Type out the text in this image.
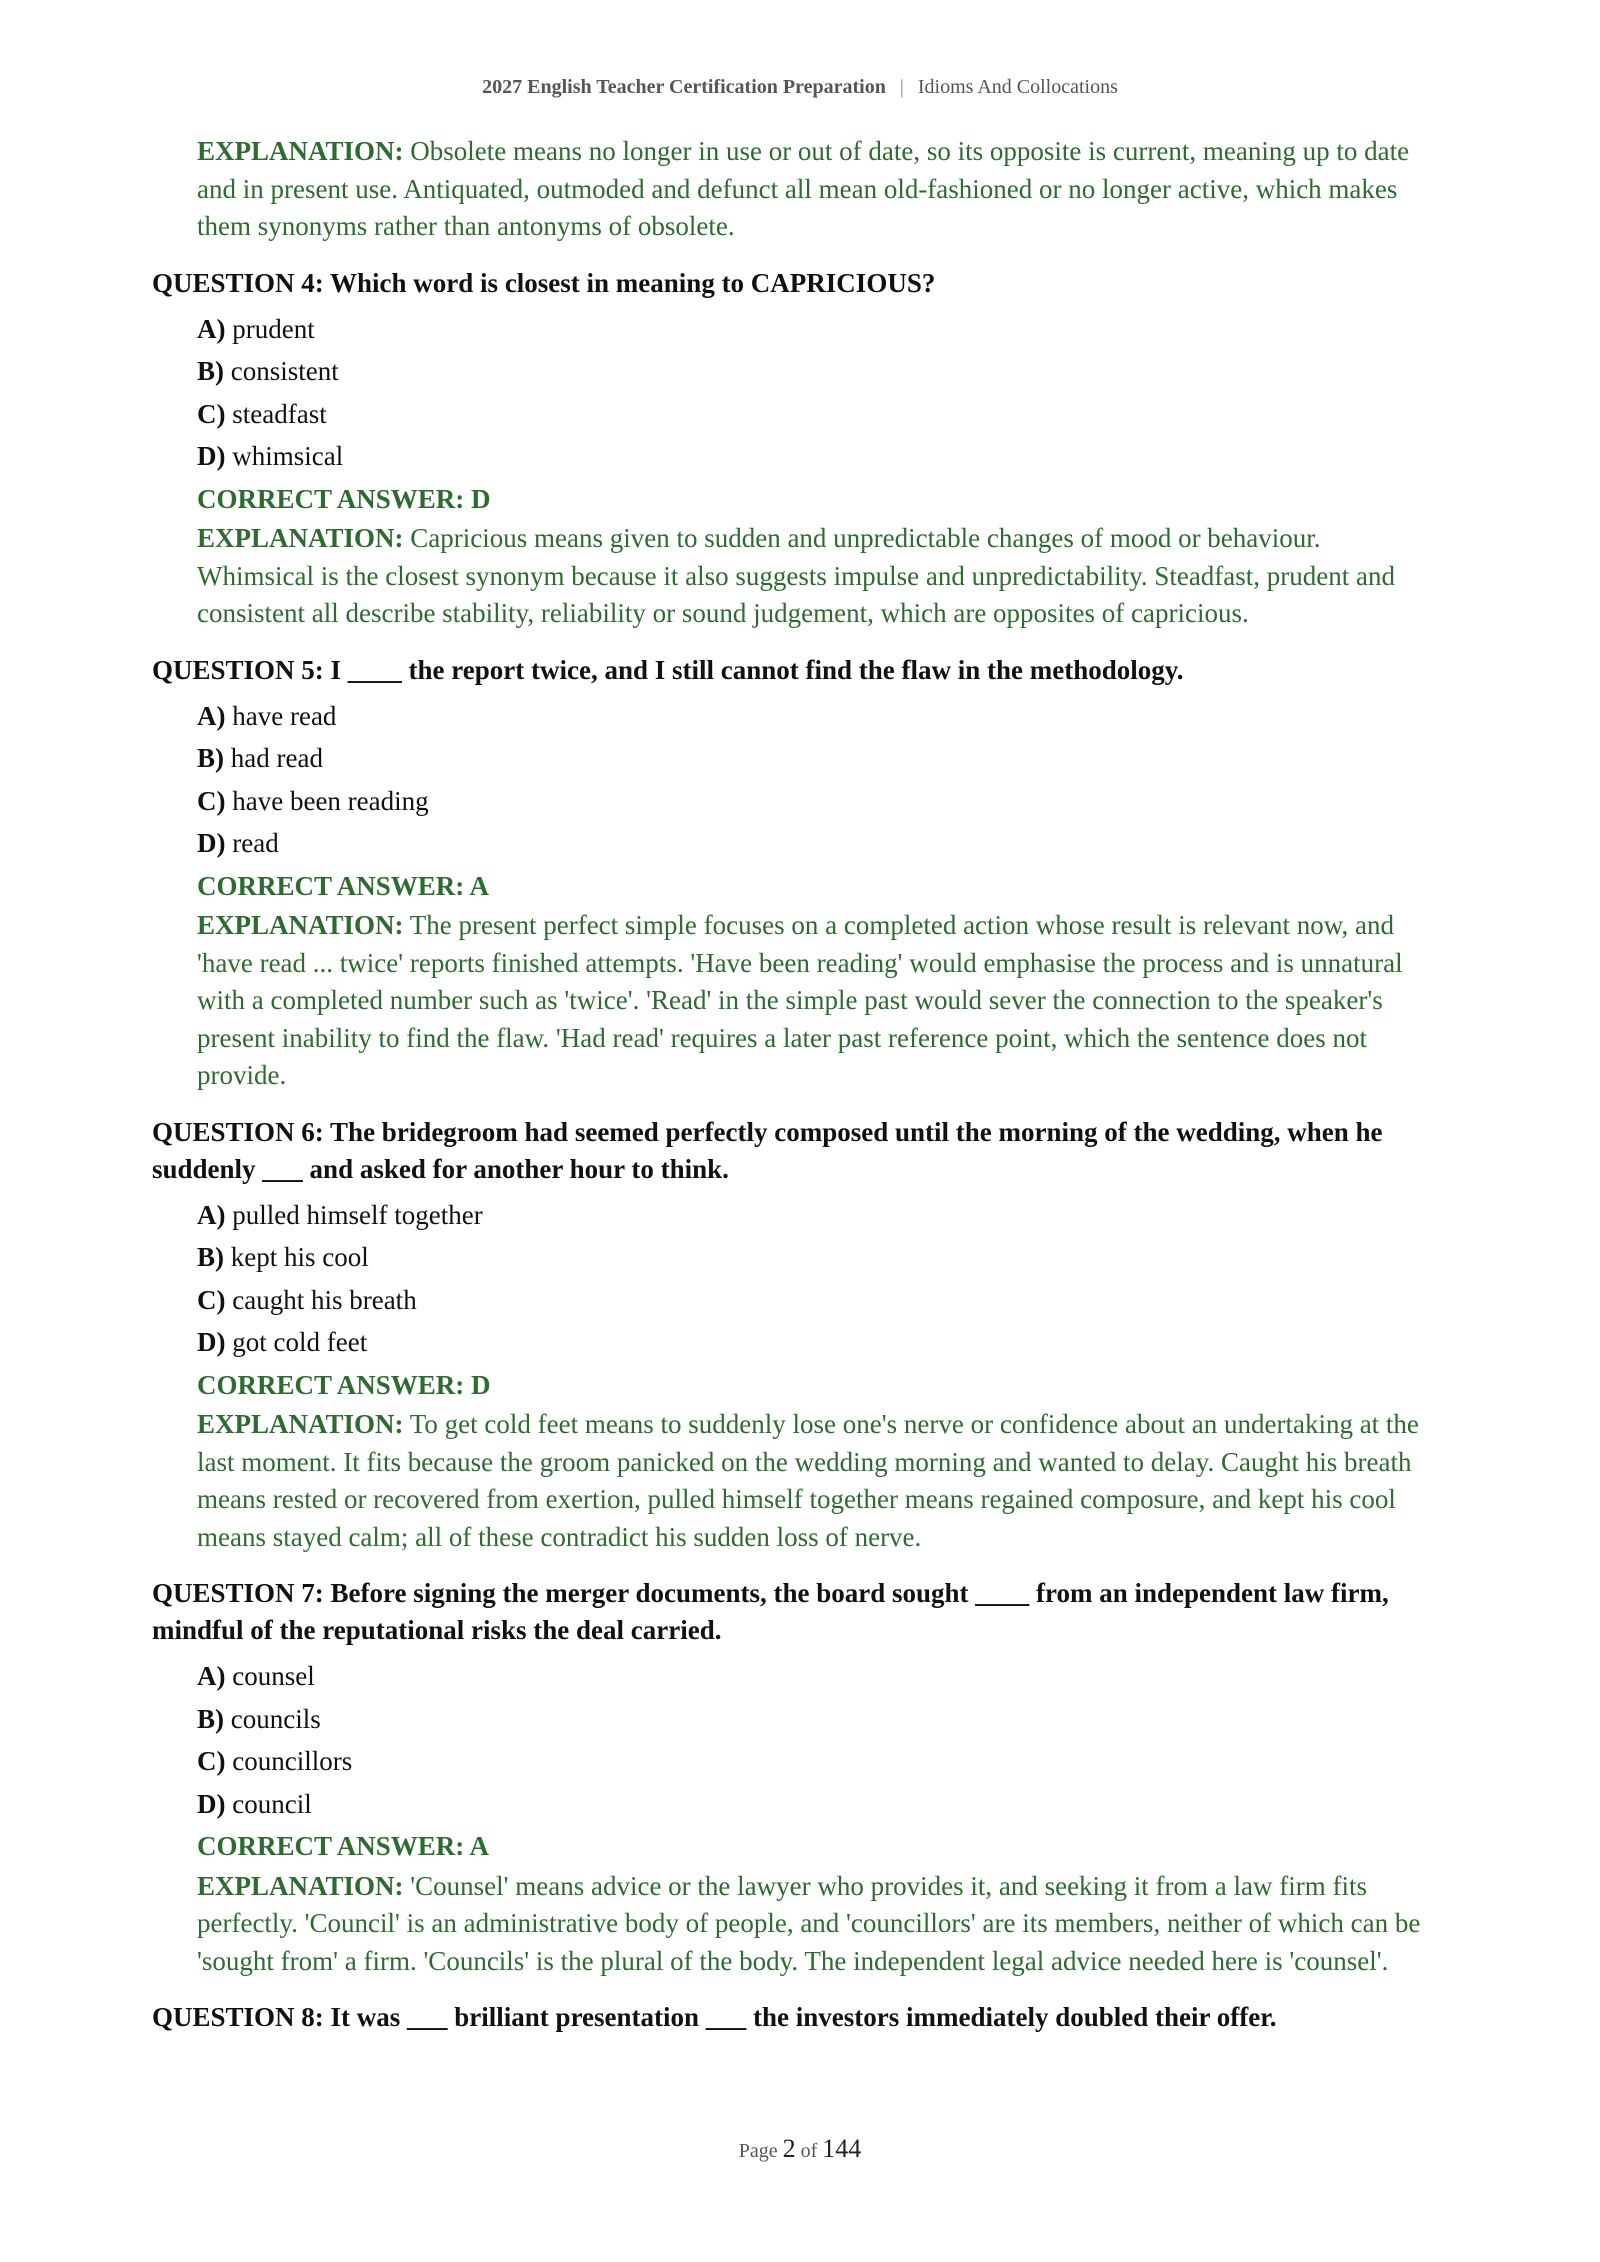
2027 English Teacher Certification Preparation | Idioms And Collocations
EXPLANATION: Obsolete means no longer in use or out of date, so its opposite is current, meaning up to date and in present use. Antiquated, outmoded and defunct all mean old-fashioned or no longer active, which makes them synonyms rather than antonyms of obsolete.
QUESTION 4: Which word is closest in meaning to CAPRICIOUS?
A) prudent
B) consistent
C) steadfast
D) whimsical
CORRECT ANSWER: D
EXPLANATION: Capricious means given to sudden and unpredictable changes of mood or behaviour. Whimsical is the closest synonym because it also suggests impulse and unpredictability. Steadfast, prudent and consistent all describe stability, reliability or sound judgement, which are opposites of capricious.
QUESTION 5: I ____ the report twice, and I still cannot find the flaw in the methodology.
A) have read
B) had read
C) have been reading
D) read
CORRECT ANSWER: A
EXPLANATION: The present perfect simple focuses on a completed action whose result is relevant now, and 'have read ... twice' reports finished attempts. 'Have been reading' would emphasise the process and is unnatural with a completed number such as 'twice'. 'Read' in the simple past would sever the connection to the speaker's present inability to find the flaw. 'Had read' requires a later past reference point, which the sentence does not provide.
QUESTION 6: The bridegroom had seemed perfectly composed until the morning of the wedding, when he suddenly ___ and asked for another hour to think.
A) pulled himself together
B) kept his cool
C) caught his breath
D) got cold feet
CORRECT ANSWER: D
EXPLANATION: To get cold feet means to suddenly lose one's nerve or confidence about an undertaking at the last moment. It fits because the groom panicked on the wedding morning and wanted to delay. Caught his breath means rested or recovered from exertion, pulled himself together means regained composure, and kept his cool means stayed calm; all of these contradict his sudden loss of nerve.
QUESTION 7: Before signing the merger documents, the board sought ____ from an independent law firm, mindful of the reputational risks the deal carried.
A) counsel
B) councils
C) councillors
D) council
CORRECT ANSWER: A
EXPLANATION: 'Counsel' means advice or the lawyer who provides it, and seeking it from a law firm fits perfectly. 'Council' is an administrative body of people, and 'councillors' are its members, neither of which can be 'sought from' a firm. 'Councils' is the plural of the body. The independent legal advice needed here is 'counsel'.
QUESTION 8: It was ___ brilliant presentation ___ the investors immediately doubled their offer.
Page 2 of 144
